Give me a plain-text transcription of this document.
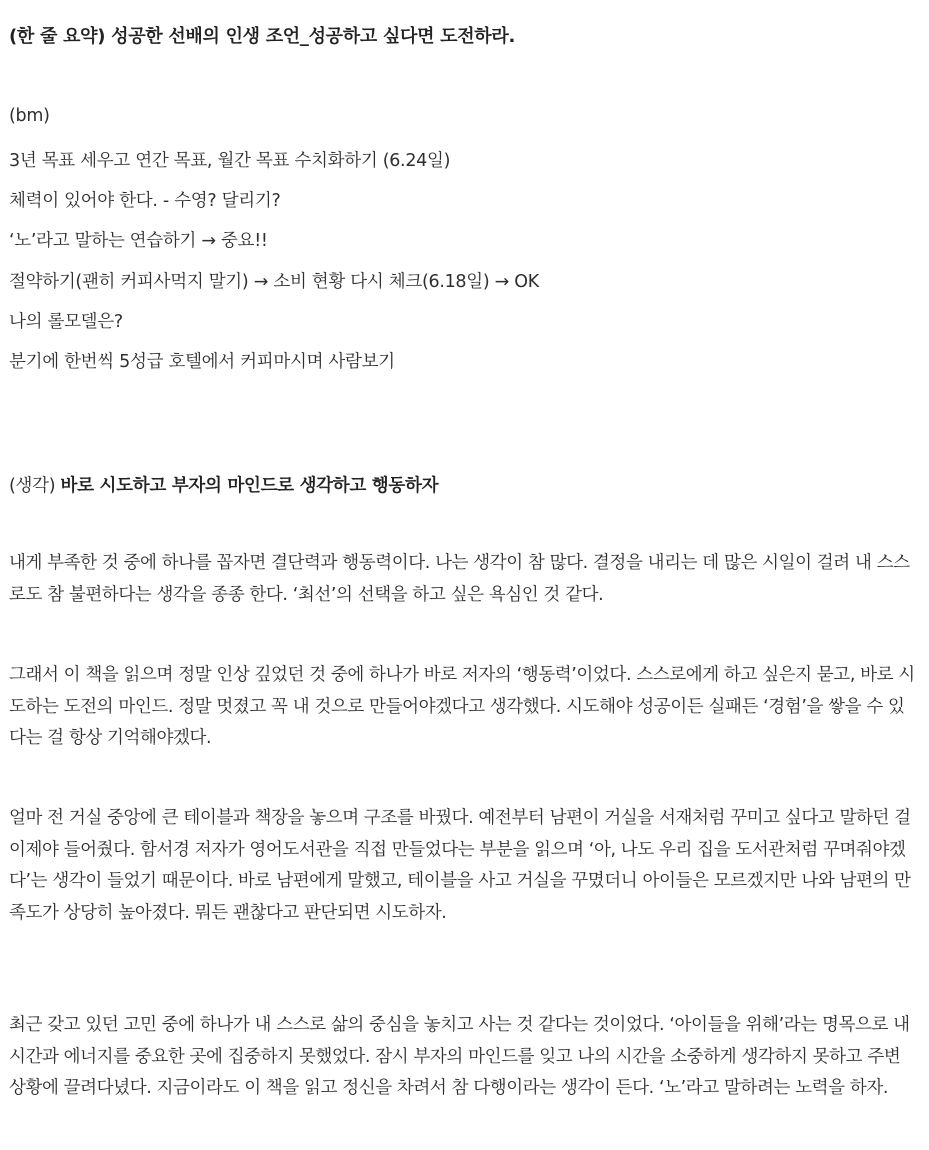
(한 줄 요약) 성공한 선배의 인생 조언_성공하고 싶다면 도전하라.
(bm)
3년 목표 세우고 연간 목표, 월간 목표 수치화하기 (6.24일)
체력이 있어야 한다. - 수영? 달리기?
‘노’라고 말하는 연습하기 → 중요!!
절약하기(괜히 커피사먹지 말기) → 소비 현황 다시 체크(6.18일) → OK
나의 롤모델은?
분기에 한번씩 5성급 호텔에서 커피마시며 사람보기
(생각) 바로 시도하고 부자의 마인드로 생각하고 행동하자
내게 부족한 것 중에 하나를 꼽자면 결단력과 행동력이다. 나는 생각이 참 많다. 결정을 내리는 데 많은 시일이 걸려 내 스스로도 참 불편하다는 생각을 종종 한다. ‘최선’의 선택을 하고 싶은 욕심인 것 같다.
그래서 이 책을 읽으며 정말 인상 깊었던 것 중에 하나가 바로 저자의 ‘행동력’이었다. 스스로에게 하고 싶은지 묻고, 바로 시도하는 도전의 마인드. 정말 멋졌고 꼭 내 것으로 만들어야겠다고 생각했다. 시도해야 성공이든 실패든 ‘경험’을 쌓을 수 있다는 걸 항상 기억해야겠다.
얼마 전 거실 중앙에 큰 테이블과 책장을 놓으며 구조를 바꿨다. 예전부터 남편이 거실을 서재처럼 꾸미고 싶다고 말하던 걸 이제야 들어줬다. 함서경 저자가 영어도서관을 직접 만들었다는 부분을 읽으며 ‘아, 나도 우리 집을 도서관처럼 꾸며줘야겠다’는 생각이 들었기 때문이다. 바로 남편에게 말했고, 테이블을 사고 거실을 꾸몄더니 아이들은 모르겠지만 나와 남편의 만족도가 상당히 높아졌다. 뭐든 괜찮다고 판단되면 시도하자.
최근 갖고 있던 고민 중에 하나가 내 스스로 삶의 중심을 놓치고 사는 것 같다는 것이었다. ‘아이들을 위해’라는 명목으로 내 시간과 에너지를 중요한 곳에 집중하지 못했었다. 잠시 부자의 마인드를 잊고 나의 시간을 소중하게 생각하지 못하고 주변 상황에 끌려다녔다. 지금이라도 이 책을 읽고 정신을 차려서 참 다행이라는 생각이 든다. ‘노’라고 말하려는 노력을 하자.
